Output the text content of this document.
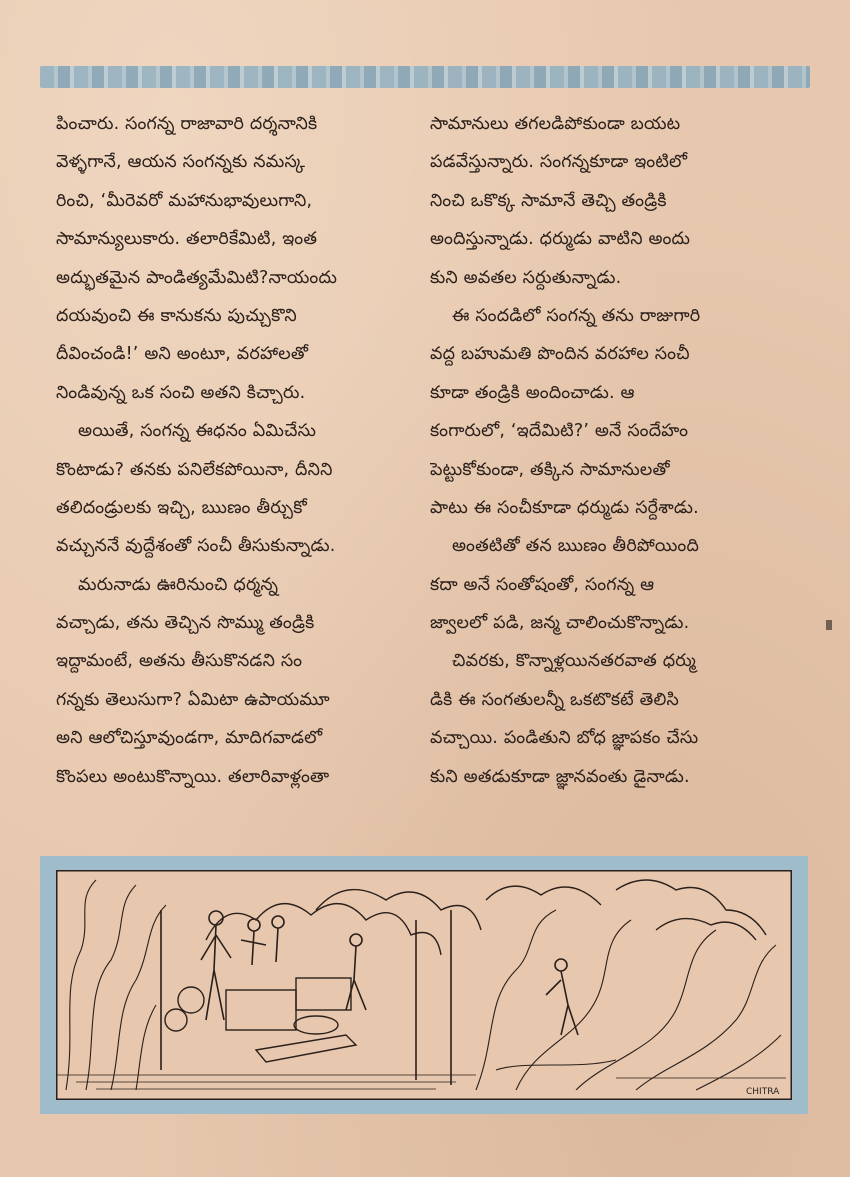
పించారు. సంగన్న రాజావారి దర్శనానికి
వెళ్ళగానే, ఆయన సంగన్నకు నమస్క
రించి, ‘మీరెవరో మహానుభావులుగాని,
సామాన్యులుకారు. తలారికేమిటి, ఇంత
అద్భుతమైన పాండిత్యమేమిటి?నాయందు
దయవుంచి ఈ కానుకను పుచ్చుకొని
దీవించండి!’ అని అంటూ, వరహాలతో
నిండివున్న ఒక సంచి అతని కిచ్చారు.
అయితే, సంగన్న ఈధనం ఏమిచేసు
కొంటాడు? తనకు పనిలేకపోయినా, దీనిని
తలిదండ్రులకు ఇచ్చి, ఋణం తీర్చుకో
వచ్చుననే వుద్దేశంతో సంచీ తీసుకున్నాడు.
మరునాడు ఊరినుంచి ధర్మన్న
వచ్చాడు, తను తెచ్చిన సొమ్ము తండ్రికి
ఇద్దామంటే, అతను తీసుకొనడని సం
గన్నకు తెలుసుగా? ఏమిటా ఉపాయమూ
అని ఆలోచిస్తూవుండగా, మాదిగవాడలో
కొంపలు అంటుకొన్నాయి. తలారివాళ్లంతా
సామానులు తగలడిపోకుండా బయట
పడవేస్తున్నారు. సంగన్నకూడా ఇంటిలో
నించి ఒకొక్క సామానే తెచ్చి తండ్రికి
అందిస్తున్నాడు. ధర్ముడు వాటిని అందు
కుని అవతల సర్దుతున్నాడు.
ఈ సందడిలో సంగన్న తను రాజుగారి
వద్ద బహుమతి పొందిన వరహాల సంచీ
కూడా తండ్రికి అందించాడు. ఆ
కంగారులో, ‘ఇదేమిటి?’ అనే సందేహం
పెట్టుకోకుండా, తక్కిన సామానులతో
పాటు ఈ సంచీకూడా ధర్ముడు సర్దేశాడు.
అంతటితో తన ఋణం తీరిపోయింది
కదా అనే సంతోషంతో, సంగన్న ఆ
జ్వాలలో పడి, జన్మ చాలించుకొన్నాడు.
చివరకు, కొన్నాళ్లయినతరవాత ధర్ము
డికి ఈ సంగతులన్నీ ఒకటొకటే తెలిసి
వచ్చాయి. పండితుని బోధ జ్ఞాపకం చేసు
కుని అతడుకూడా జ్ఞానవంతు డైనాడు.
CHITRA
